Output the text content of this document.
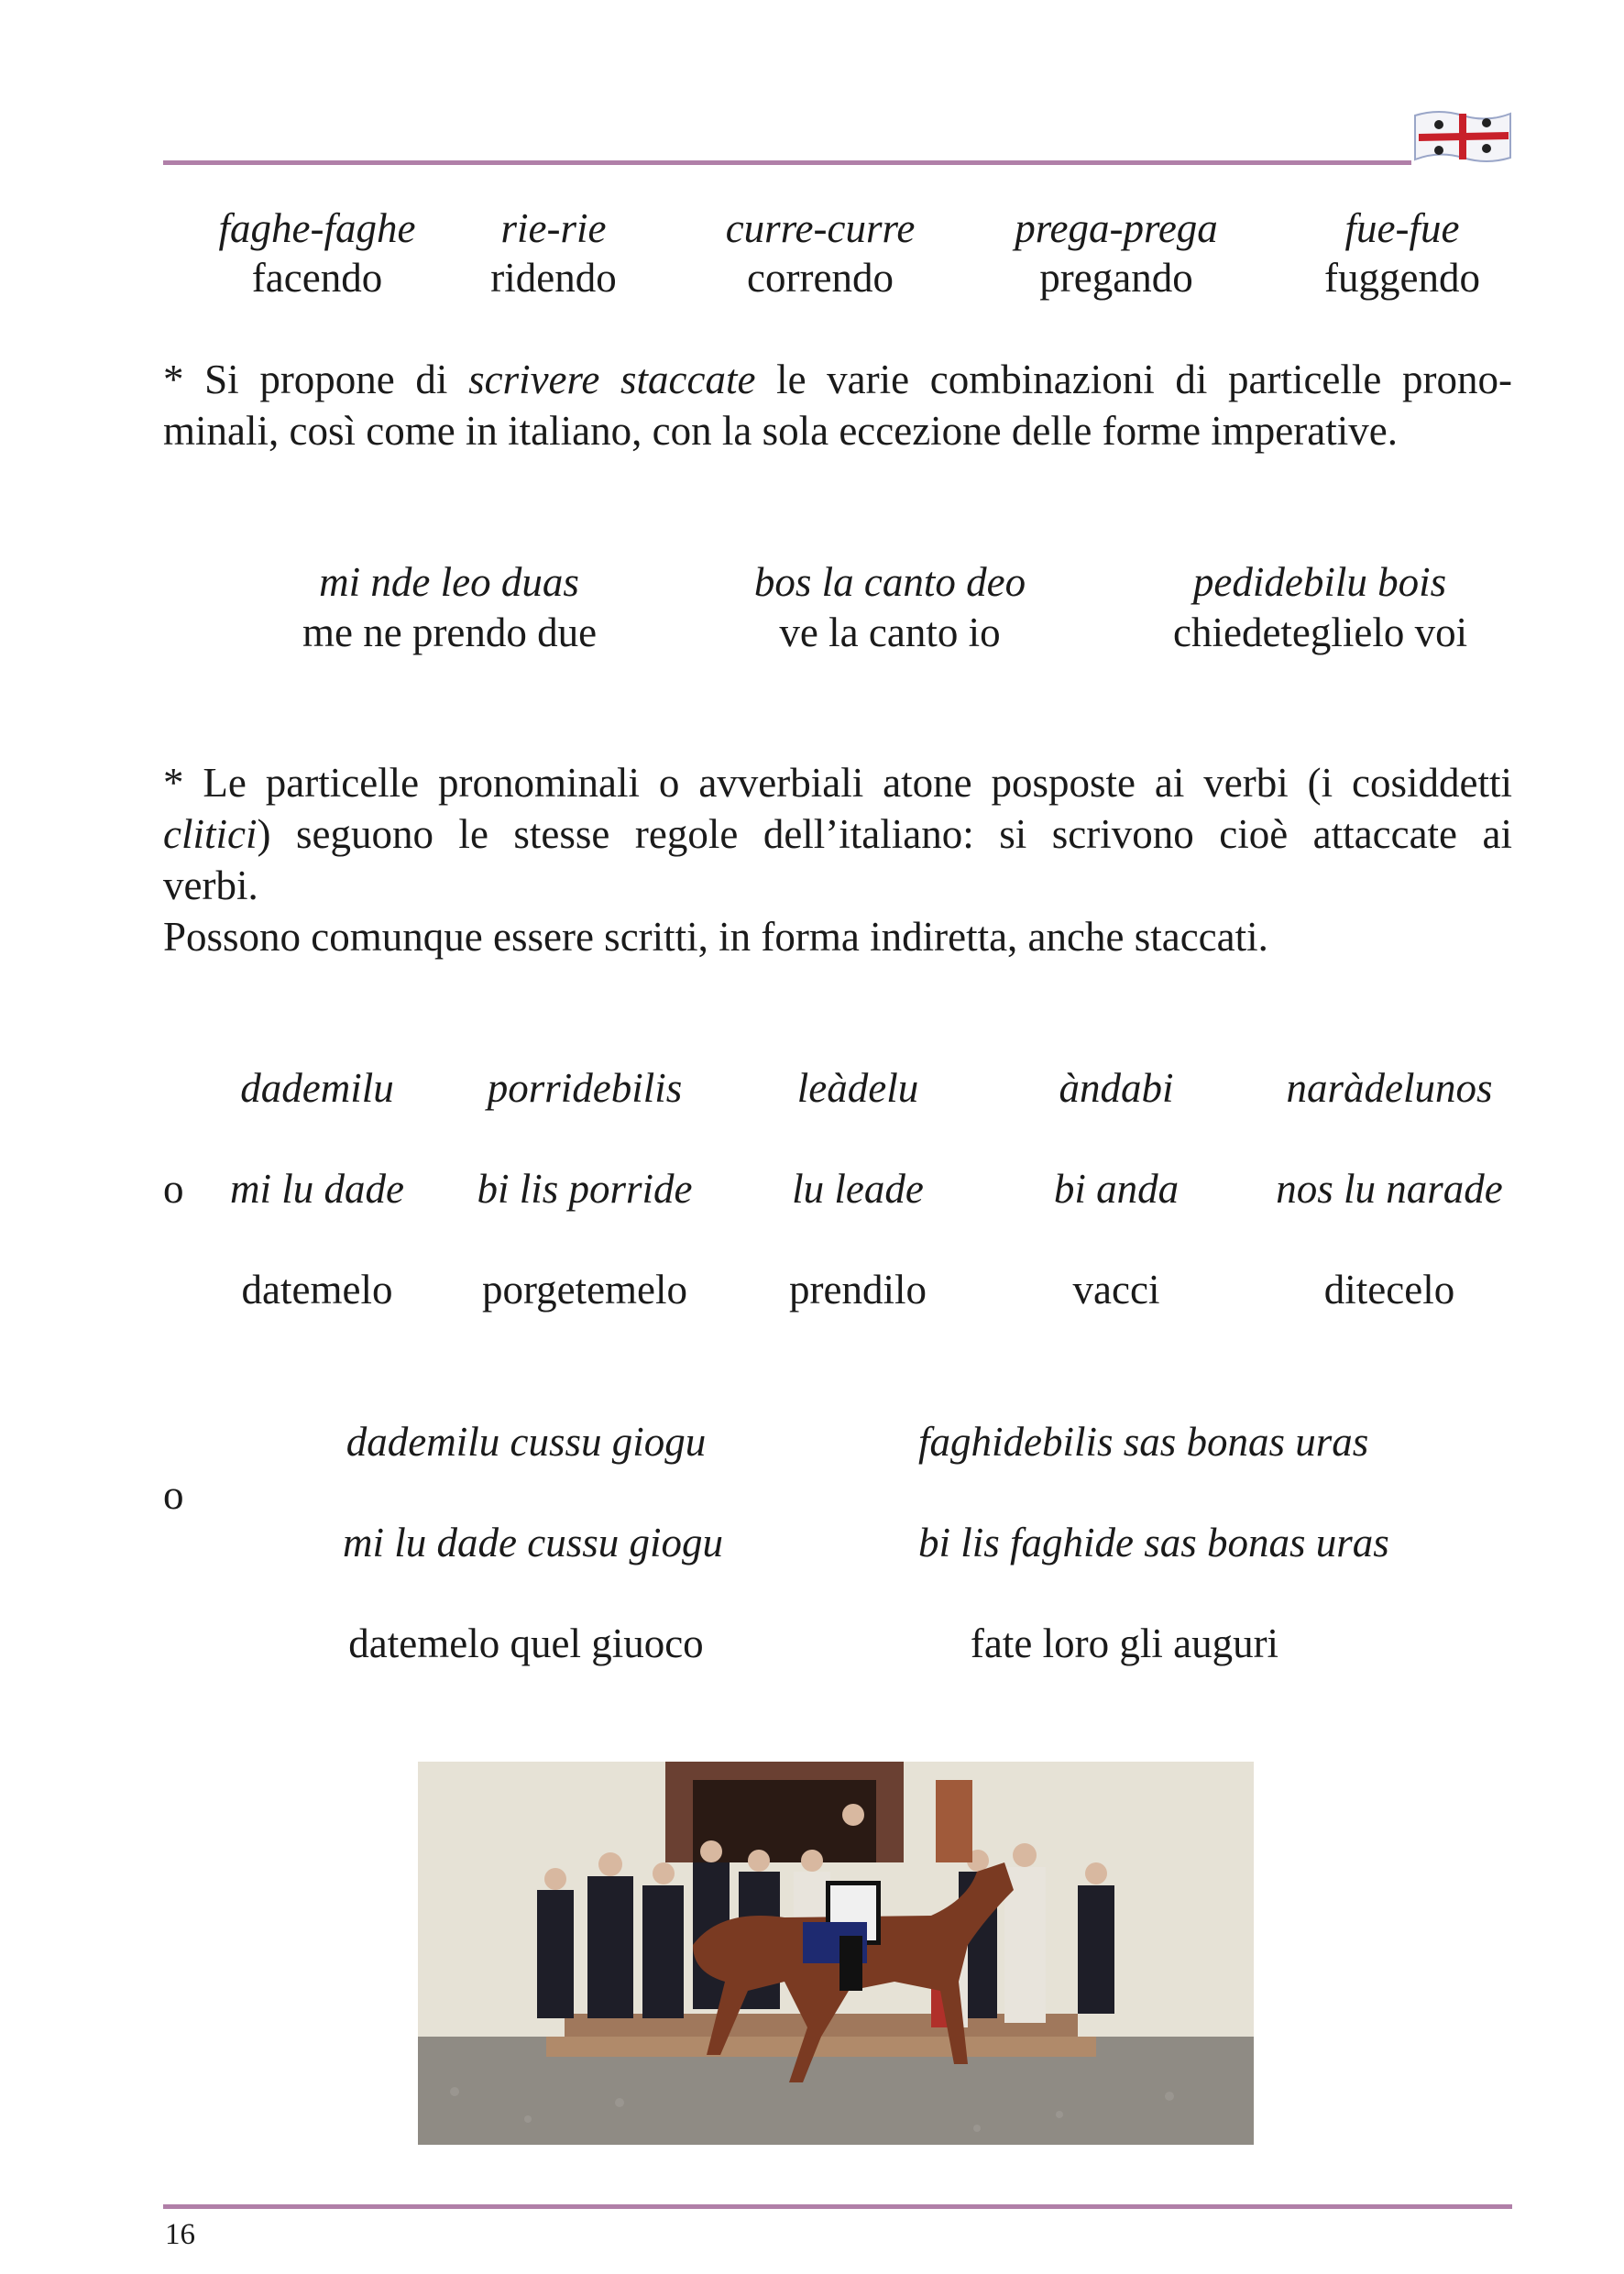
faghe-faghe
facendo
rie-rie
ridendo
curre-curre
correndo
prega-prega
pregando
fue-fue
fuggendo
* Si propone di scrivere staccate le varie combinazioni di particelle prono-
minali, così come in italiano, con la sola eccezione delle forme imperative.
mi nde leo duas
me ne prendo due
bos la canto deo
ve la canto io
pedidebilu bois
chiedeteglielo voi
* Le particelle pronominali o avverbiali atone posposte ai verbi (i cosiddetti
clitici) seguono le stesse regole dell’italiano: si scrivono cioè attaccate ai
verbi.
Possono comunque essere scritti, in forma indiretta, anche staccati.
o
dademilu
mi lu dade
datemelo
porridebilis
bi lis porride
porgetemelo
leàdelu
lu leade
prendilo
àndabi
bi anda
vacci
naràdelunos
nos lu narade
ditecelo
o
dademilu cussu giogu
mi lu dade cussu giogu
datemelo quel giuoco
faghidebilis sas bonas uras
bi lis faghide sas bonas uras
fate loro gli auguri
16
